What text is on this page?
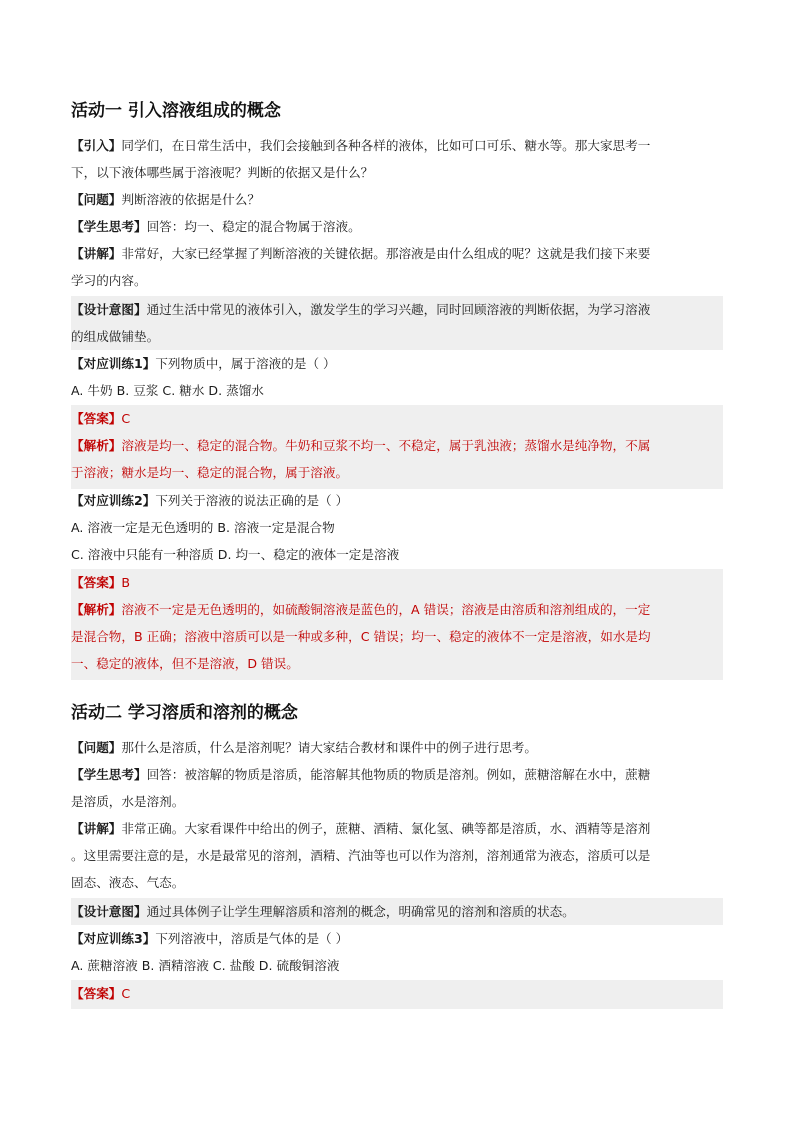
活动一 引入溶液组成的概念
【引入】同学们，在日常生活中，我们会接触到各种各样的液体，比如可口可乐、糖水等。那大家思考一
下，以下液体哪些属于溶液呢？判断的依据又是什么？
【问题】判断溶液的依据是什么？
【学生思考】回答：均一、稳定的混合物属于溶液。
【讲解】非常好，大家已经掌握了判断溶液的关键依据。那溶液是由什么组成的呢？这就是我们接下来要
学习的内容。
【设计意图】通过生活中常见的液体引入，激发学生的学习兴趣，同时回顾溶液的判断依据，为学习溶液
的组成做铺垫。
【对应训练1】下列物质中，属于溶液的是（ ）
A. 牛奶 B. 豆浆 C. 糖水 D. 蒸馏水
【答案】C
【解析】溶液是均一、稳定的混合物。牛奶和豆浆不均一、不稳定，属于乳浊液；蒸馏水是纯净物，不属
于溶液；糖水是均一、稳定的混合物，属于溶液。
【对应训练2】下列关于溶液的说法正确的是（ ）
A. 溶液一定是无色透明的 B. 溶液一定是混合物
C. 溶液中只能有一种溶质 D. 均一、稳定的液体一定是溶液
【答案】B
【解析】溶液不一定是无色透明的，如硫酸铜溶液是蓝色的，A 错误；溶液是由溶质和溶剂组成的，一定
是混合物，B 正确；溶液中溶质可以是一种或多种，C 错误；均一、稳定的液体不一定是溶液，如水是均
一、稳定的液体，但不是溶液，D 错误。
活动二 学习溶质和溶剂的概念
【问题】那什么是溶质，什么是溶剂呢？请大家结合教材和课件中的例子进行思考。
【学生思考】回答：被溶解的物质是溶质，能溶解其他物质的物质是溶剂。例如，蔗糖溶解在水中，蔗糖
是溶质，水是溶剂。
【讲解】非常正确。大家看课件中给出的例子，蔗糖、酒精、氯化氢、碘等都是溶质，水、酒精等是溶剂
。这里需要注意的是，水是最常见的溶剂，酒精、汽油等也可以作为溶剂，溶剂通常为液态，溶质可以是
固态、液态、气态。
【设计意图】通过具体例子让学生理解溶质和溶剂的概念，明确常见的溶剂和溶质的状态。
【对应训练3】下列溶液中，溶质是气体的是（ ）
A. 蔗糖溶液 B. 酒精溶液 C. 盐酸 D. 硫酸铜溶液
【答案】C
